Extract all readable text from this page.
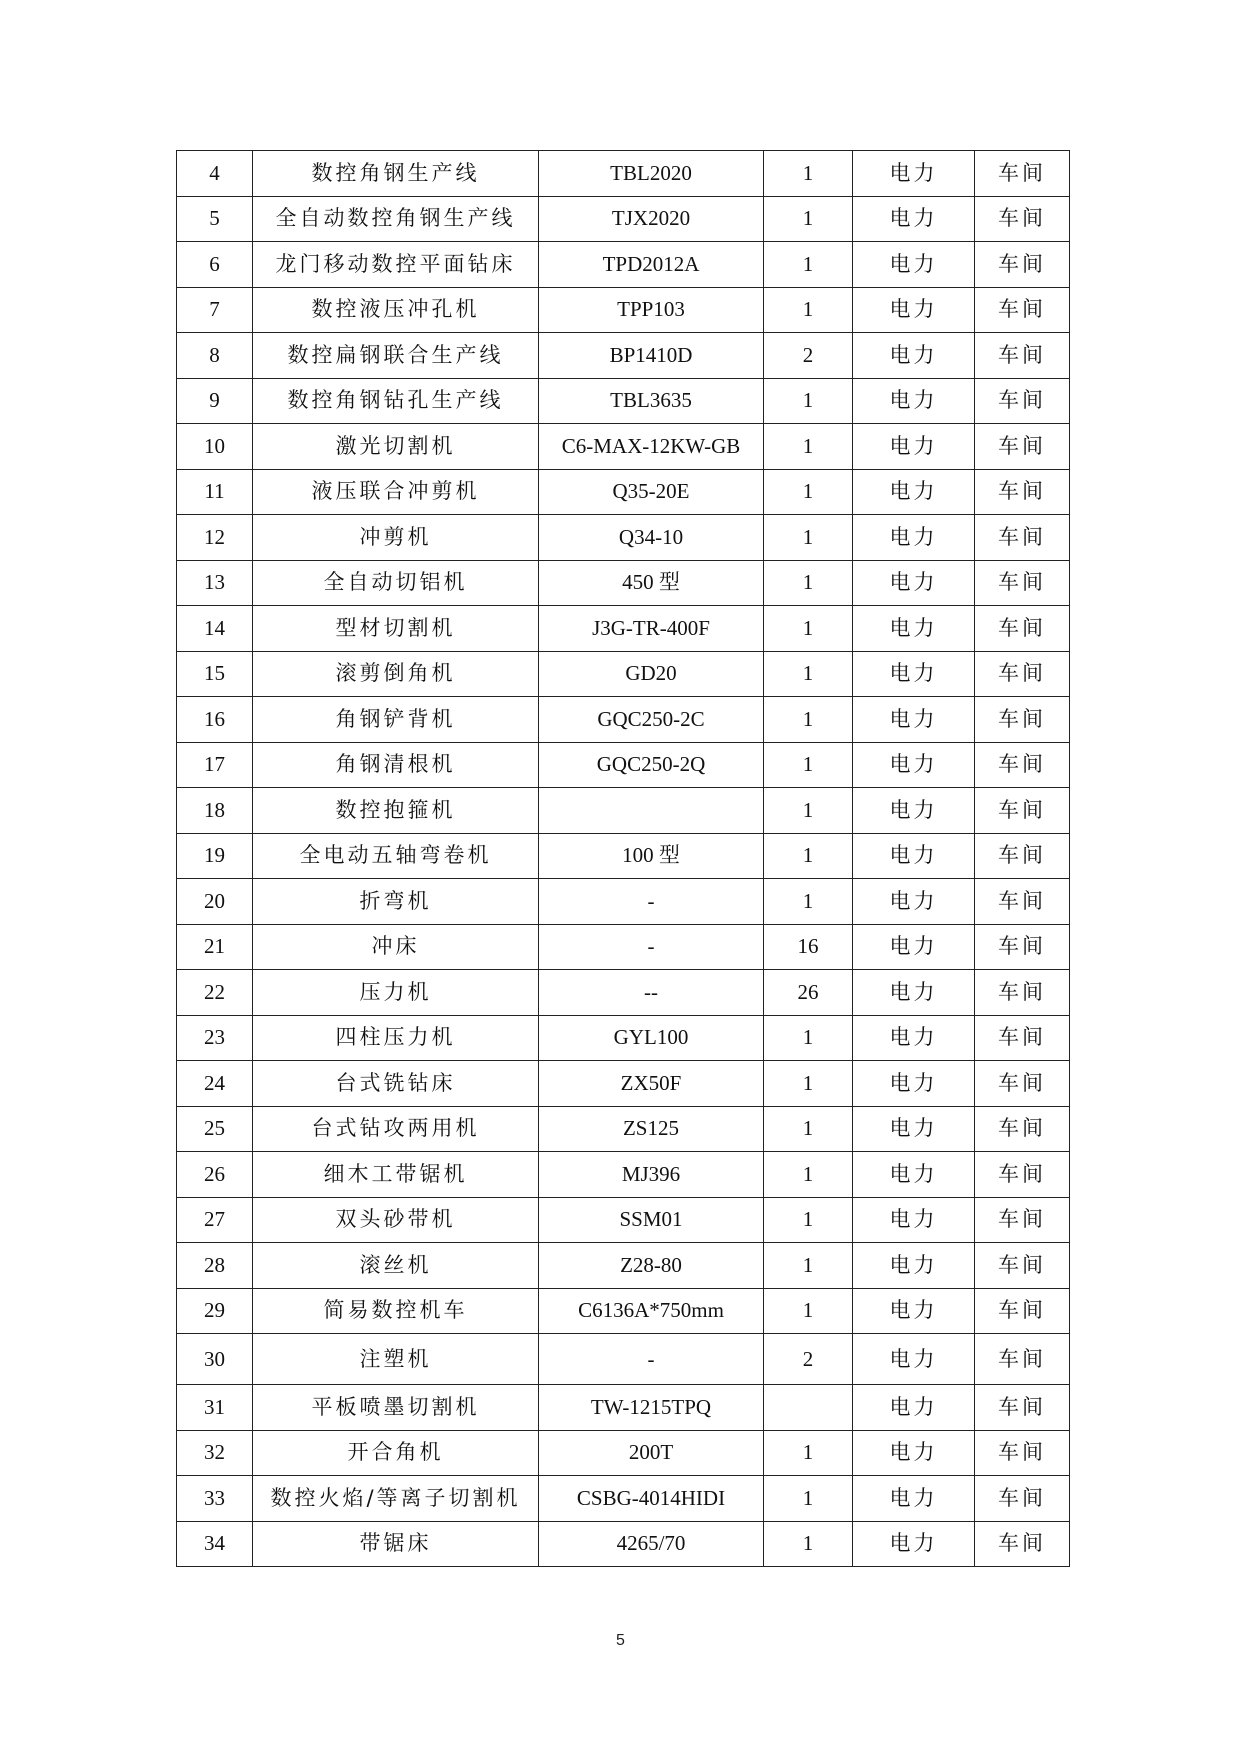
4	数控角钢生产线	TBL2020	1	电力	车间
5	全自动数控角钢生产线	TJX2020	1	电力	车间
6	龙门移动数控平面钻床	TPD2012A	1	电力	车间
7	数控液压冲孔机	TPP103	1	电力	车间
8	数控扁钢联合生产线	BP1410D	2	电力	车间
9	数控角钢钻孔生产线	TBL3635	1	电力	车间
10	激光切割机	C6-MAX-12KW-GB	1	电力	车间
11	液压联合冲剪机	Q35-20E	1	电力	车间
12	冲剪机	Q34-10	1	电力	车间
13	全自动切铝机	450 型	1	电力	车间
14	型材切割机	J3G-TR-400F	1	电力	车间
15	滚剪倒角机	GD20	1	电力	车间
16	角钢铲背机	GQC250-2C	1	电力	车间
17	角钢清根机	GQC250-2Q	1	电力	车间
18	数控抱箍机		1	电力	车间
19	全电动五轴弯卷机	100 型	1	电力	车间
20	折弯机	-	1	电力	车间
21	冲床	-	16	电力	车间
22	压力机	--	26	电力	车间
23	四柱压力机	GYL100	1	电力	车间
24	台式铣钻床	ZX50F	1	电力	车间
25	台式钻攻两用机	ZS125	1	电力	车间
26	细木工带锯机	MJ396	1	电力	车间
27	双头砂带机	SSM01	1	电力	车间
28	滚丝机	Z28-80	1	电力	车间
29	简易数控机车	C6136A*750mm	1	电力	车间
30	注塑机	-	2	电力	车间
31	平板喷墨切割机	TW-1215TPQ		电力	车间
32	开合角机	200T	1	电力	车间
33	数控火焰/等离子切割机	CSBG-4014HIDI	1	电力	车间
34	带锯床	4265/70	1	电力	车间
5
